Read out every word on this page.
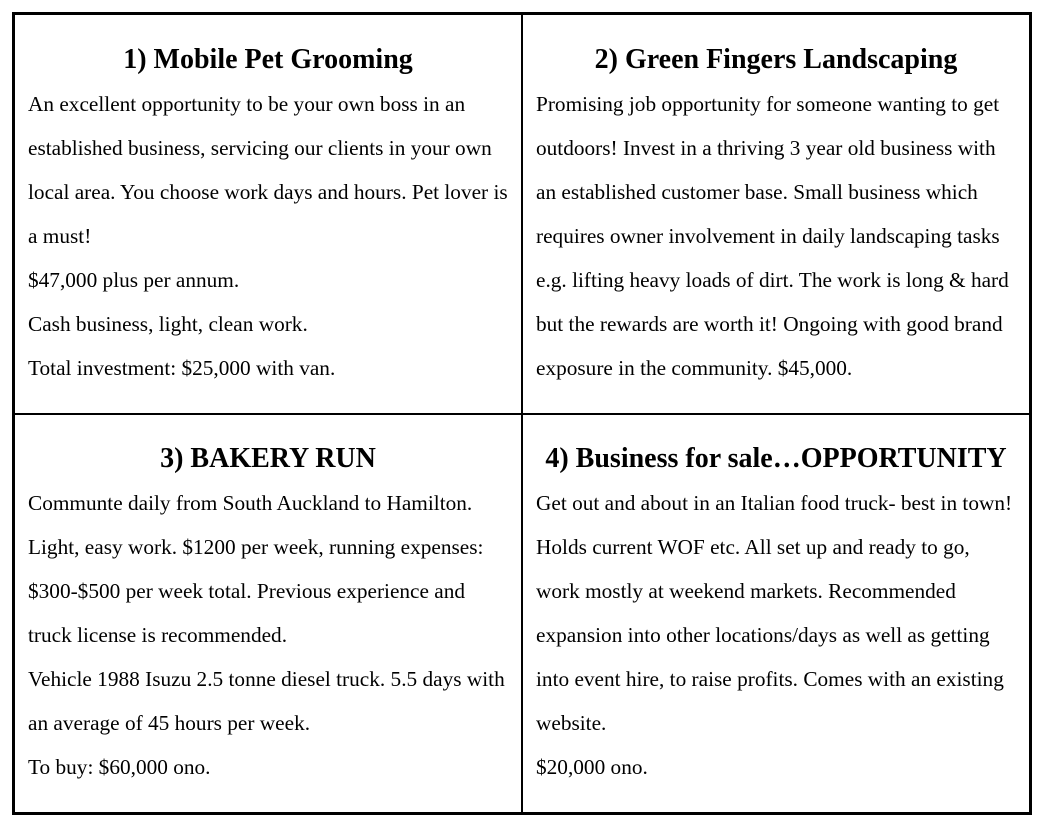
1) Mobile Pet Grooming

An excellent opportunity to be your own boss in an established business, servicing our clients in your own local area. You choose work days and hours. Pet lover is a must!

$47,000 plus per annum.

Cash business, light, clean work.

Total investment: $25,000 with van.

2) Green Fingers Landscaping

Promising job opportunity for someone wanting to get outdoors! Invest in a thriving 3 year old business with an established customer base. Small business which requires owner involvement in daily landscaping tasks e.g. lifting heavy loads of dirt. The work is long & hard but the rewards are worth it! Ongoing with good brand exposure in the community. $45,000.

3) BAKERY RUN

Communte daily from South Auckland to Hamilton.

Light, easy work. $1200 per week, running expenses: $300-$500 per week total. Previous experience and truck license is recommended.

Vehicle 1988 Isuzu 2.5 tonne diesel truck. 5.5 days with an average of 45 hours per week.

To buy: $60,000 ono.

4) Business for sale…OPPORTUNITY

Get out and about in an Italian food truck- best in town! Holds current WOF etc. All set up and ready to go, work mostly at weekend markets. Recommended expansion into other locations/days as well as getting into event hire, to raise profits. Comes with an existing website.

$20,000 ono.
